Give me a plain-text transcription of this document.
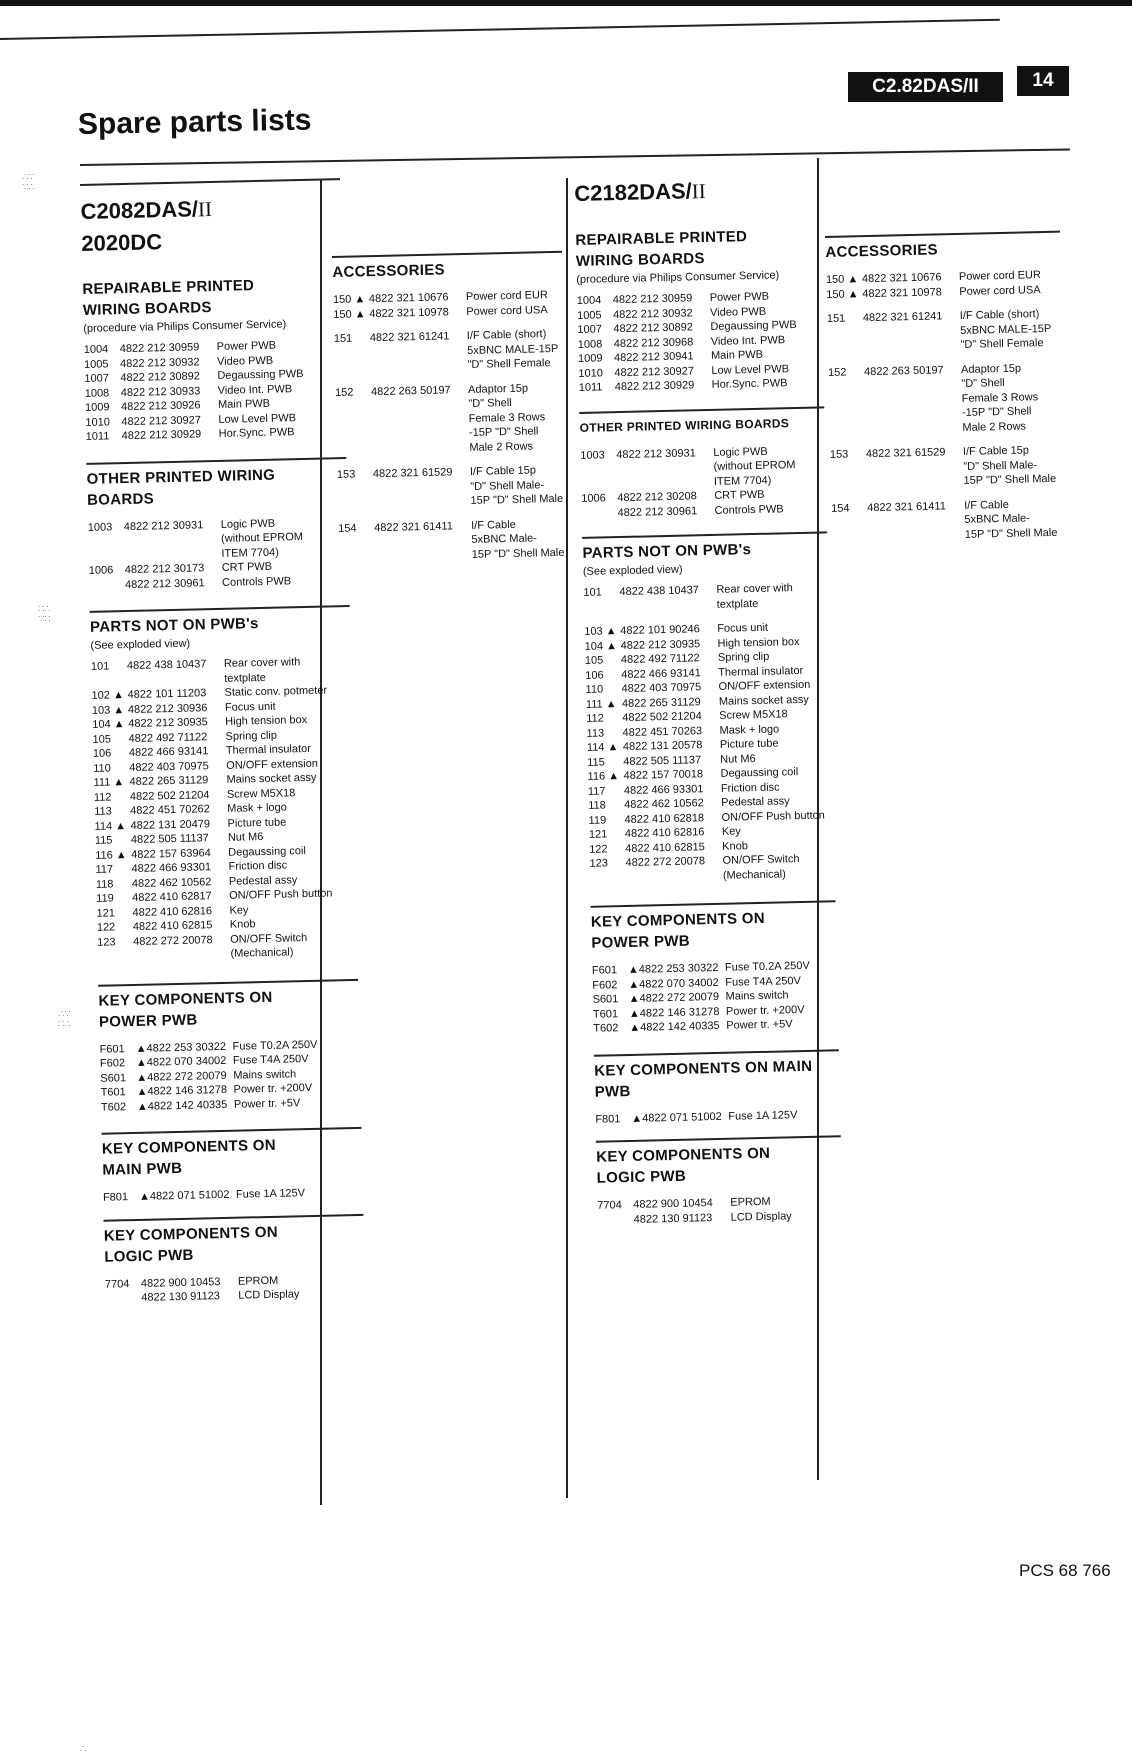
C2.82DAS/II	14
Spare parts lists
∴∵
∵∴
∷∴
∵∷
∴∵
∷∴
∴
C2082DAS/II
2020DC
REPAIRABLE PRINTED
WIRING BOARDS
(procedure via Philips Consumer Service)
1004	4822 212 30959	Power PWB
1005	4822 212 30932	Video PWB
1007	4822 212 30892	Degaussing PWB
1008	4822 212 30933	Video Int. PWB
1009	4822 212 30926	Main PWB
1010	4822 212 30927	Low Level PWB
1011	4822 212 30929	Hor.Sync. PWB
OTHER PRINTED WIRING
BOARDS
1003	4822 212 30931	Logic PWB
(without EPROM
ITEM 7704)
1006	4822 212 30173	CRT PWB
4822 212 30961	Controls PWB
PARTS NOT ON PWB's
(See exploded view)
101	4822 438 10437	Rear cover with
textplate
102 ▲ 4822 101 11203	Static conv. potmeter
103 ▲ 4822 212 30936	Focus unit
104 ▲ 4822 212 30935	High tension box
105	4822 492 71122	Spring clip
106	4822 466 93141	Thermal insulator
110	4822 403 70975	ON/OFF extension
111 ▲ 4822 265 31129	Mains socket assy
112	4822 502 21204	Screw M5X18
113	4822 451 70262	Mask + logo
114 ▲ 4822 131 20479	Picture tube
115	4822 505 11137	Nut M6
116 ▲ 4822 157 63964	Degaussing coil
117	4822 466 93301	Friction disc
118	4822 462 10562	Pedestal assy
119	4822 410 62817	ON/OFF Push button
121	4822 410 62816	Key
122	4822 410 62815	Knob
123	4822 272 20078	ON/OFF Switch
(Mechanical)
KEY COMPONENTS ON
POWER PWB
F601 ▲4822 253 30322 Fuse T0.2A 250V
F602 ▲4822 070 34002 Fuse T4A 250V
S601 ▲4822 272 20079 Mains switch
T601 ▲4822 146 31278 Power tr. +200V
T602 ▲4822 142 40335 Power tr. +5V
KEY COMPONENTS ON
MAIN PWB
F801 ▲4822 071 51002 Fuse 1A 125V
KEY COMPONENTS ON
LOGIC PWB
7704	4822 900 10453	EPROM
4822 130 91123	LCD Display
ACCESSORIES
150 ▲ 4822 321 10676	Power cord EUR
150 ▲ 4822 321 10978	Power cord USA
151	4822 321 61241	I/F Cable (short)
5xBNC MALE-15P
"D" Shell Female
152	4822 263 50197	Adaptor 15p
"D" Shell
Female 3 Rows
-15P "D" Shell
Male 2 Rows
153	4822 321 61529	I/F Cable 15p
"D" Shell Male-
15P "D" Shell Male
154	4822 321 61411	I/F Cable
5xBNC Male-
15P "D" Shell Male
C2182DAS/II
REPAIRABLE PRINTED
WIRING BOARDS
(procedure via Philips Consumer Service)
1004	4822 212 30959	Power PWB
1005	4822 212 30932	Video PWB
1007	4822 212 30892	Degaussing PWB
1008	4822 212 30968	Video Int. PWB
1009	4822 212 30941	Main PWB
1010	4822 212 30927	Low Level PWB
1011	4822 212 30929	Hor.Sync. PWB
OTHER PRINTED WIRING BOARDS
1003	4822 212 30931	Logic PWB
(without EPROM
ITEM 7704)
1006	4822 212 30208	CRT PWB
4822 212 30961	Controls PWB
PARTS NOT ON PWB's
(See exploded view)
101	4822 438 10437	Rear cover with
textplate
103 ▲ 4822 101 90246	Focus unit
104 ▲ 4822 212 30935	High tension box
105	4822 492 71122	Spring clip
106	4822 466 93141	Thermal insulator
110	4822 403 70975	ON/OFF extension
111 ▲ 4822 265 31129	Mains socket assy
112	4822 502 21204	Screw M5X18
113	4822 451 70263	Mask + logo
114 ▲ 4822 131 20578	Picture tube
115	4822 505 11137	Nut M6
116 ▲ 4822 157 70018	Degaussing coil
117	4822 466 93301	Friction disc
118	4822 462 10562	Pedestal assy
119	4822 410 62818	ON/OFF Push button
121	4822 410 62816	Key
122	4822 410 62815	Knob
123	4822 272 20078	ON/OFF Switch
(Mechanical)
KEY COMPONENTS ON
POWER PWB
F601 ▲4822 253 30322 Fuse T0.2A 250V
F602 ▲4822 070 34002 Fuse T4A 250V
S601 ▲4822 272 20079 Mains switch
T601 ▲4822 146 31278 Power tr. +200V
T602 ▲4822 142 40335 Power tr. +5V
KEY COMPONENTS ON MAIN
PWB
F801 ▲4822 071 51002 Fuse 1A 125V
KEY COMPONENTS ON
LOGIC PWB
7704	4822 900 10454	EPROM
4822 130 91123	LCD Display
ACCESSORIES
150 ▲ 4822 321 10676	Power cord EUR
150 ▲ 4822 321 10978	Power cord USA
151	4822 321 61241	I/F Cable (short)
5xBNC MALE-15P
"D" Shell Female
152	4822 263 50197	Adaptor 15p
"D" Shell
Female 3 Rows
-15P "D" Shell
Male 2 Rows
153	4822 321 61529	I/F Cable 15p
"D" Shell Male-
15P "D" Shell Male
154	4822 321 61411	I/F Cable
5xBNC Male-
15P "D" Shell Male
PCS 68 766
